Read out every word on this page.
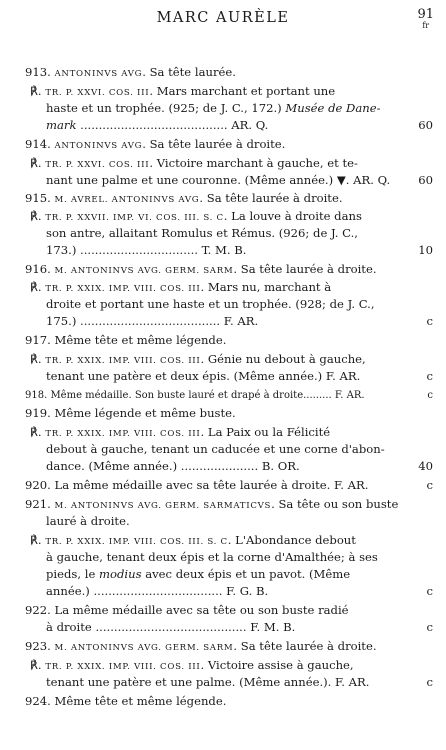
MARC AURÈLE	91
fr
913. ANTONINVS AVG. Sa tête laurée.
℟. TR. P. XXVI. COS. III. Mars marchant et portant une
haste et un trophée. (925; de J. C., 172.) Musée de Dane-
mark ........................................ AR. Q.	60
914. ANTONINVS AVG. Sa tête laurée à droite.
℟. TR. P. XXVI. COS. III. Victoire marchant à gauche, et te-
nant une palme et une couronne. (Même année.) ▼. AR. Q.	60
915. M. AVREL. ANTONINVS AVG. Sa tête laurée à droite.
℟. TR. P. XXVII. IMP. VI. COS. III. S. C. La louve à droite dans
son antre, allaitant Romulus et Rémus. (926; de J. C.,
173.) ................................ T. M. B.	10
916. M. ANTONINVS AVG. GERM. SARM. Sa tête laurée à droite.
℟. TR. P. XXIX. IMP. VIII. COS. III. Mars nu, marchant à
droite et portant une haste et un trophée. (928; de J. C.,
175.) ...................................... F. AR.	c
917. Même tête et même légende.
℟. TR. P. XXIX. IMP. VIII. COS. III. Génie nu debout à gauche,
tenant une patère et deux épis. (Même année.) F. AR.	c
918. Même médaille. Son buste lauré et drapé à droite......... F. AR.	c
919. Même légende et même buste.
℟. TR. P. XXIX. IMP. VIII. COS. III. La Paix ou la Félicité
debout à gauche, tenant un caducée et une corne d'abon-
dance. (Même année.) ..................... B. OR.	40
920. La même médaille avec sa tête laurée à droite. F. AR.	c
921. M. ANTONINVS AVG. GERM. SARMATICVS. Sa tête ou son buste
lauré à droite.
℟. TR. P. XXIX. IMP. VIII. COS. III. S. C. L'Abondance debout
à gauche, tenant deux épis et la corne d'Amalthée; à ses
pieds, le modius avec deux épis et un pavot. (Même
année.) ................................... F. G. B.	c
922. La même médaille avec sa tête ou son buste radié
à droite ......................................... F. M. B.	c
923. M. ANTONINVS AVG. GERM. SARM. Sa tête laurée à droite.
℟. TR. P. XXIX. IMP. VIII. COS. III. Victoire assise à gauche,
tenant une patère et une palme. (Même année.). F. AR.	c
924. Même tête et même légende.
